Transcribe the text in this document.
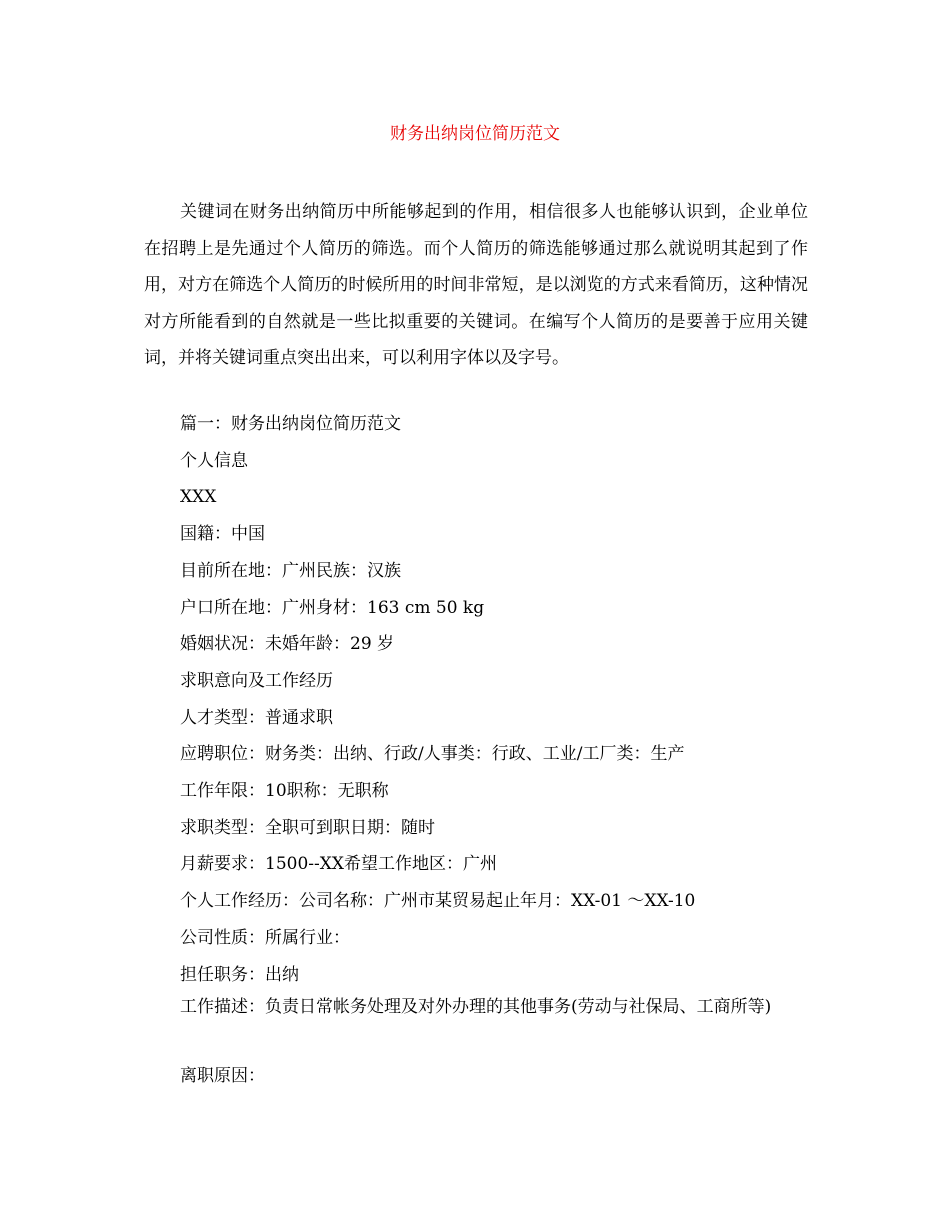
财务出纳岗位简历范文

关键词在财务出纳简历中所能够起到的作用，相信很多人也能够认识到，企业单位在招聘上是先通过个人简历的筛选。而个人简历的筛选能够通过那么就说明其起到了作用，对方在筛选个人简历的时候所用的时间非常短，是以浏览的方式来看简历，这种情况对方所能看到的自然就是一些比拟重要的关键词。在编写个人简历的是要善于应用关键词，并将关键词重点突出出来，可以利用字体以及字号。

篇一：财务出纳岗位简历范文
个人信息
XXX
国籍：中国
目前所在地：广州民族：汉族
户口所在地：广州身材：163 cm 50 kg
婚姻状况：未婚年龄：29 岁
求职意向及工作经历
人才类型：普通求职
应聘职位：财务类：出纳、行政/人事类：行政、工业/工厂类：生产
工作年限：10职称：无职称
求职类型：全职可到职日期：随时
月薪要求：1500--XX希望工作地区：广州
个人工作经历：公司名称：广州市某贸易起止年月：XX-01 ～XX-10
公司性质：所属行业：
担任职务：出纳

工作描述：负责日常帐务处理及对外办理的其他事务(劳动与社保局、工商所等)

离职原因：
